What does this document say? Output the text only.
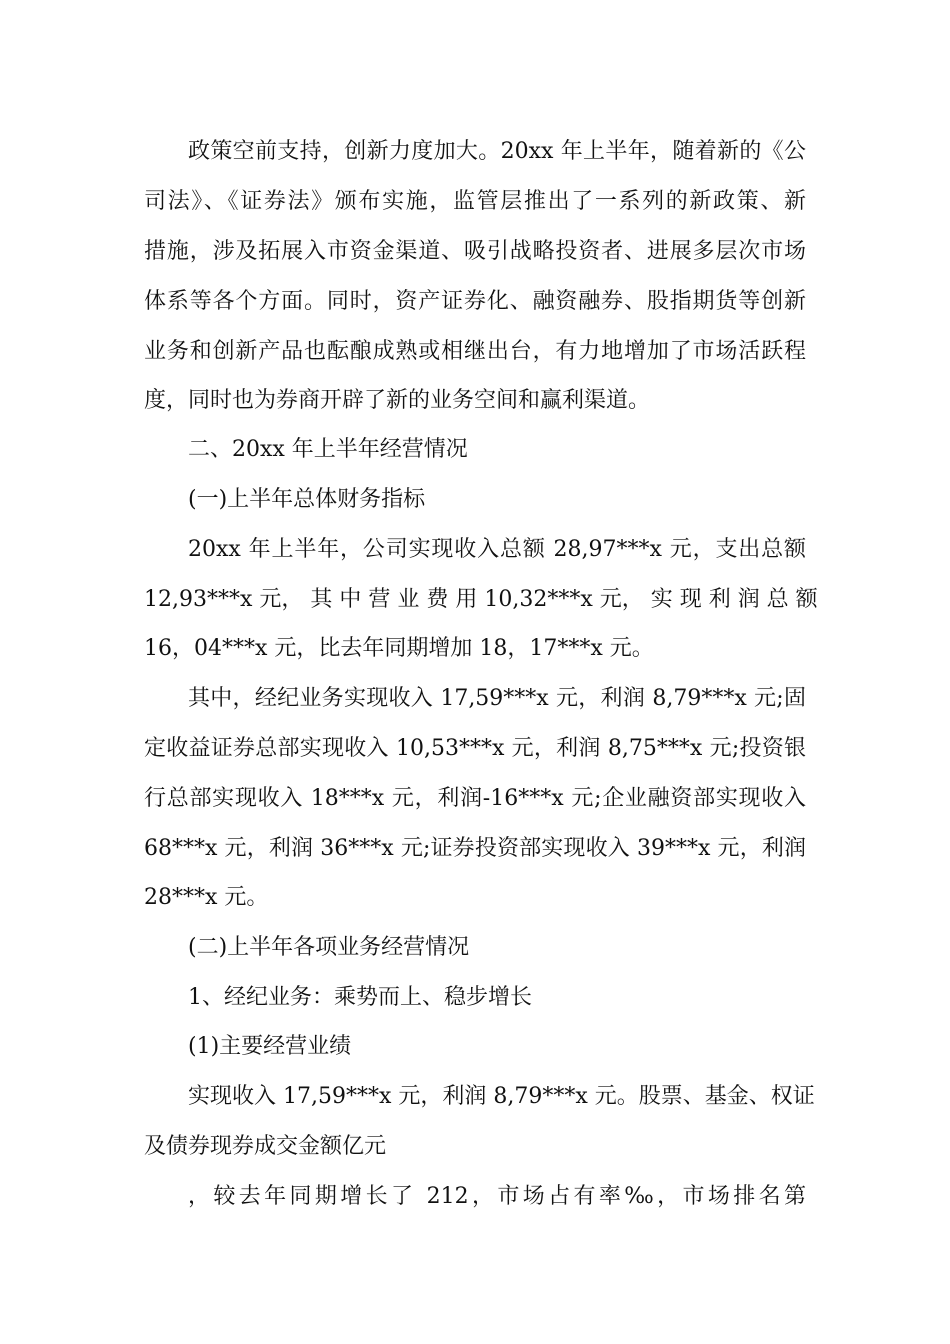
政策空前支持，创新力度加大。20xx 年上半年，随着新的《公
司法》、《证券法》颁布实施，监管层推出了一系列的新政策、新
措施，涉及拓展入市资金渠道、吸引战略投资者、进展多层次市场
体系等各个方面。同时，资产证券化、融资融券、股指期货等创新
业务和创新产品也酝酿成熟或相继出台，有力地增加了市场活跃程
度，同时也为券商开辟了新的业务空间和赢利渠道。
二、20xx 年上半年经营情况
(一)上半年总体财务指标
20xx 年上半年，公司实现收入总额 28,97***x 元，支出总额
12,93***x 元， 其 中 营 业 费 用 10,32***x 元， 实 现 利 润 总 额
16，04***x 元，比去年同期增加 18，17***x 元。
其中，经纪业务实现收入 17,59***x 元，利润 8,79***x 元;固
定收益证券总部实现收入 10,53***x 元，利润 8,75***x 元;投资银
行总部实现收入 18***x 元，利润-16***x 元;企业融资部实现收入
68***x 元，利润 36***x 元;证券投资部实现收入 39***x 元，利润
28***x 元。
(二)上半年各项业务经营情况
1、经纪业务：乘势而上、稳步增长
(1)主要经营业绩
实现收入 17,59***x 元，利润 8,79***x 元。股票、基金、权证
及债券现券成交金额亿元
，较去年同期增长了 212，市场占有率‰，市场排名第
